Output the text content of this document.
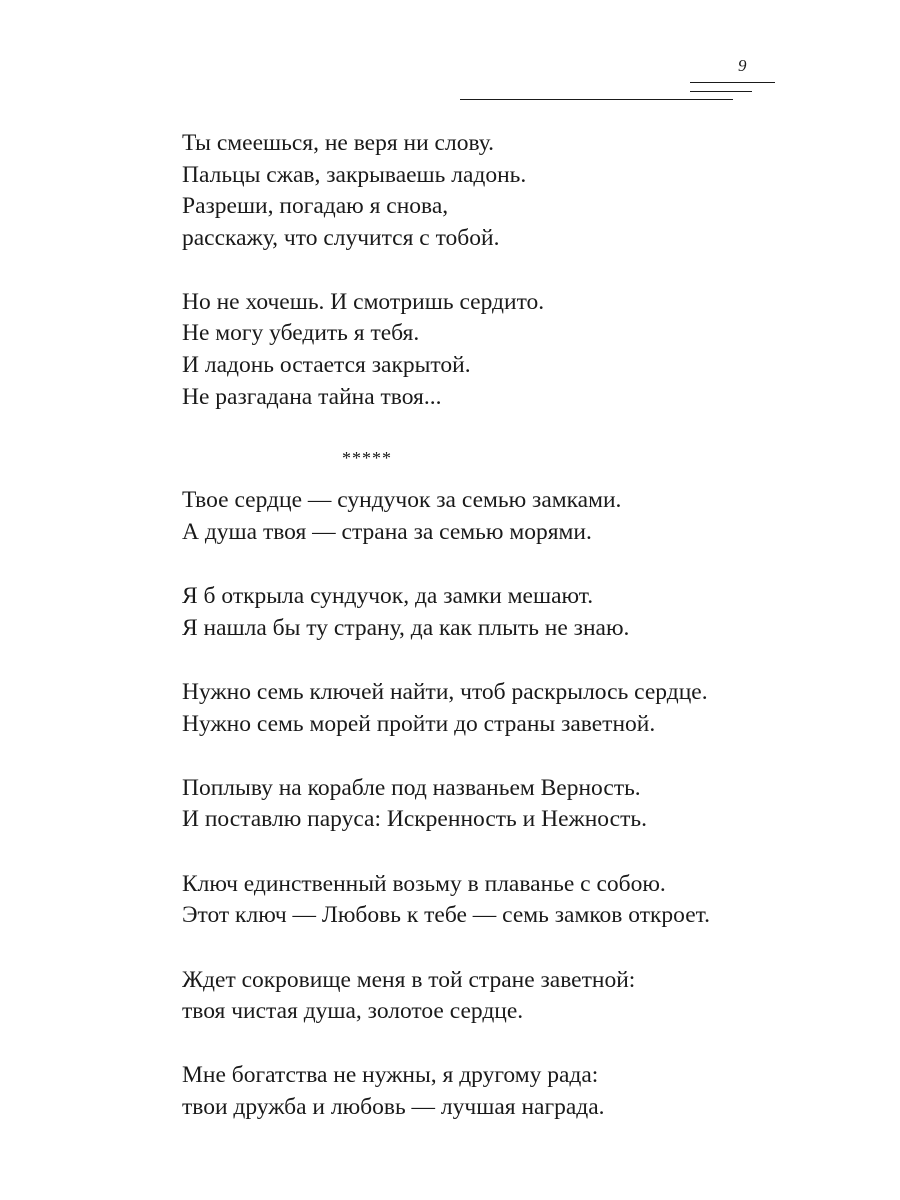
9

Ты смеешься, не веря ни слову.
Пальцы сжав, закрываешь ладонь.
Разреши, погадаю я снова,
расскажу, что случится с тобой.

Но не хочешь. И смотришь сердито.
Не могу убедить я тебя.
И ладонь остается закрытой.
Не разгадана тайна твоя...

*****

Твое сердце — сундучок за семью замками.
А душа твоя — страна за семью морями.

Я б открыла сундучок, да замки мешают.
Я нашла бы ту страну, да как плыть не знаю.

Нужно семь ключей найти, чтоб раскрылось сердце.
Нужно семь морей пройти до страны заветной.

Поплыву на корабле под названьем Верность.
И поставлю паруса: Искренность и Нежность.

Ключ единственный возьму в плаванье с собою.
Этот ключ — Любовь к тебе — семь замков откроет.

Ждет сокровище меня в той стране заветной:
твоя чистая душа, золотое сердце.

Мне богатства не нужны, я другому рада:
твои дружба и любовь — лучшая награда.
